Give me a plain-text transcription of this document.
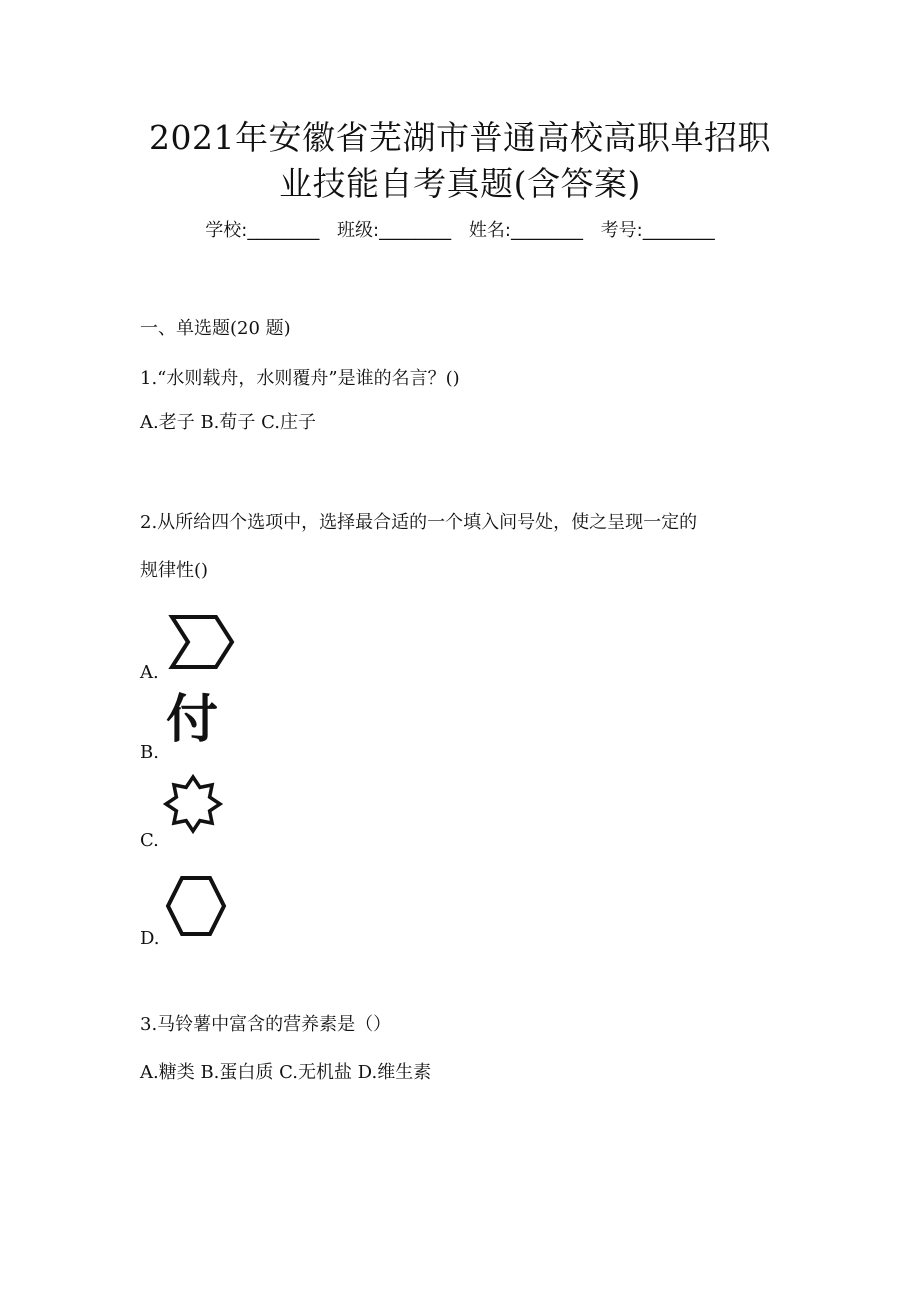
2021年安徽省芜湖市普通高校高职单招职
业技能自考真题(含答案)
学校:________ 班级:________ 姓名:________ 考号:________
一、单选题(20 题)
1.“水则载舟，水则覆舟”是谁的名言？()
A.老子 B.荀子 C.庄子
2.从所给四个选项中，选择最合适的一个填入问号处，使之呈现一定的
规律性()
A.
B.
付
C.
D.
3.马铃薯中富含的营养素是（）
A.糖类 B.蛋白质 C.无机盐 D.维生素
